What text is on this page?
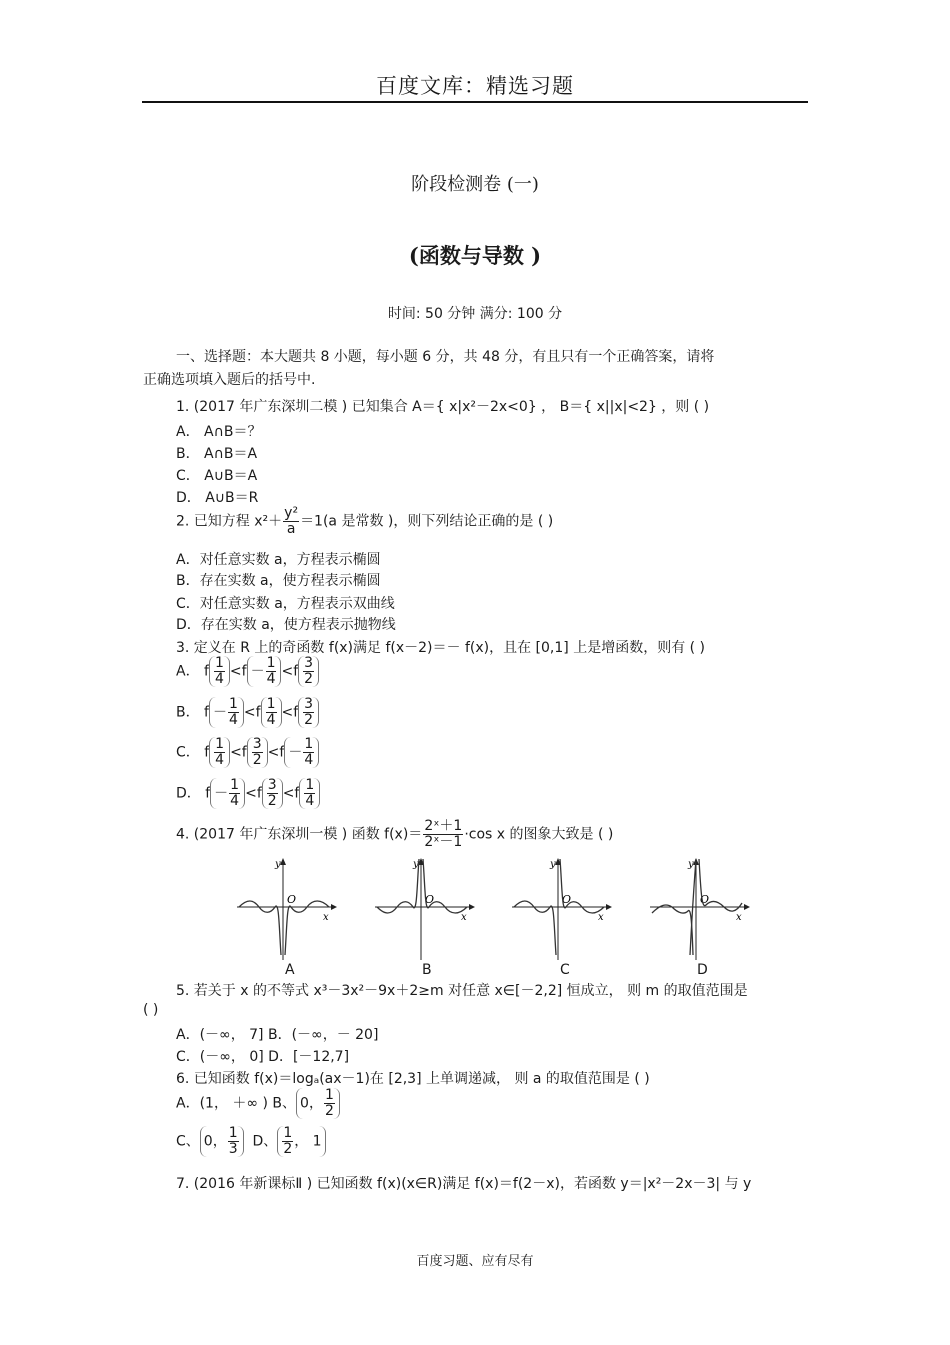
百度文库：精选习题
阶段检测卷 (一)
(函数与导数 )
时间: 50 分钟 满分: 100 分
一、选择题：本大题共 8 小题，每小题 6 分，共 48 分，有且只有一个正确答案，请将
正确选项填入题后的括号中.
1. (2017 年广东深圳二模 ) 已知集合 A＝{ x|x²－2x<0} ， B＝{ x||x|<2} ，则 ( )
A． A∩B＝？
B． A∩B＝A
C． A∪B＝A
D． A∪B＝R
2. 已知方程 $x^2+ \frac{\text{y²}}{a} =1(a$ 是常数 )，则下列结论正确的是 ( )
A．对任意实数 a，方程表示椭圆
B．存在实数 a，使方程表示椭圆
C．对任意实数 a，方程表示双曲线
D．存在实数 a，使方程表示抛物线
3. 定义在 R 上的奇函数 f(x)满足 f(x－2)＝－ f(x)，且在 [0,1] 上是增函数，则有 ( )
A． f $\frac{1}{4} <f - \frac{1}{4} <f \frac{3}{2}$
B． $f - \frac{1}{4} <f \frac{1}{4} <f \frac{3}{2}$
C． f $\frac{1}{4} <f \frac{3}{2} <f - \frac{1}{4}$
D． $f - \frac{1}{4} <f \frac{3}{2} <f \frac{1}{4}$
4. (2017 年广东深圳一模 ) 函数 $f(x)= \frac{\text{2ˣ＋1}}{\text{2ˣ－1}} \cdot\cos$ x 的图象大致是 ( )
y
x
O
y
x
O
y
x
O
y
x
O
A	B	C	D
5. 若关于 x 的不等式 x³－3x²－9x＋2≥m 对任意 x∈[－2,2] 恒成立， 则 m 的取值范围是
( )
A．(－∞， 7] B．(－∞，－ 20]
C．(－∞， 0] D．[－12,7]
6. 已知函数 f(x)＝logₐ(ax－1)在 [2,3] 上单调递减， 则 a 的取值范围是 ( )
A．(1， ＋∞ ) B、 0， $\frac{1}{2}$
C、 0， $\frac{1}{3}$ D、 $\frac{1}{2}$ ， 1
7. (2016 年新课标Ⅱ ) 已知函数 f(x)(x∈R)满足 f(x)＝f(2－x)，若函数 y＝|x²－2x－3| 与 y
百度习题、应有尽有
